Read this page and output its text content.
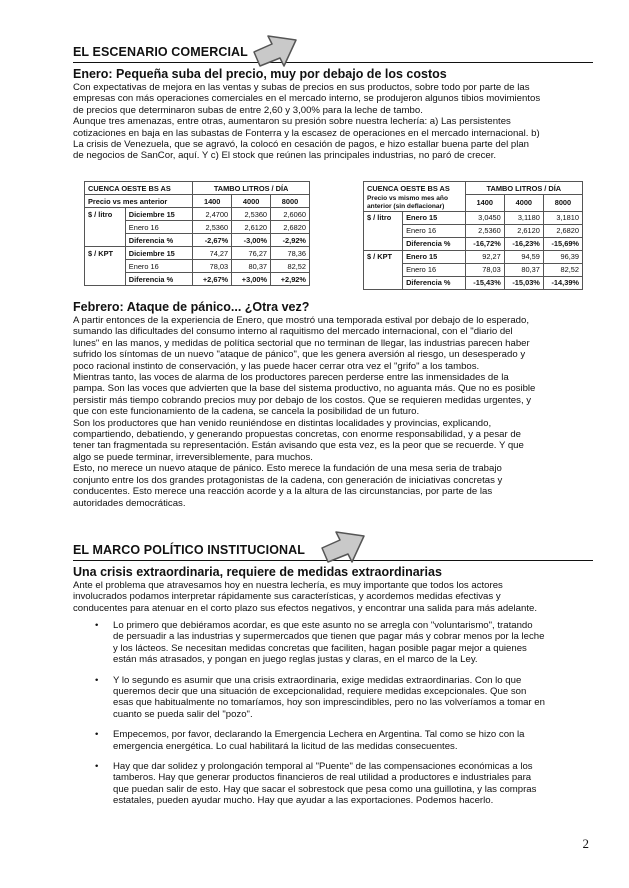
EL ESCENARIO COMERCIAL
Enero: Pequeña suba del precio, muy por debajo de los costos
Con expectativas de mejora en las ventas y subas de precios en sus productos, sobre todo por parte de las
empresas con más operaciones comerciales en el mercado interno, se produjeron algunos tibios movimientos
de precios que determinaron subas de entre 2,60 y 3,00% para la leche de tambo.
Aunque tres amenazas, entre otras, aumentaron su presión sobre nuestra lechería: a) Las persistentes
cotizaciones en baja en las subastas de Fonterra y la escasez de operaciones en el mercado internacional. b)
La crisis de Venezuela, que se agravó, la colocó en cesación de pagos, e hizo estallar buena parte del plan
de negocios de SanCor, aquí. Y c) El stock que reúnen las principales industrias, no paró de crecer.
CUENCA OESTE BS AS		TAMBO LITROS / DÍA		
Precio vs mes anterior		1400	4000	8000
$ / litro	Diciembre 15	2,4700	2,5360	2,6060
	Enero 16	2,5360	2,6120	2,6820
	Diferencia %	-2,67%	-3,00%	-2,92%
$ / KPT	Diciembre 15	74,27	76,27	78,36
	Enero 16	78,03	80,37	82,52
	Diferencia %	+2,67%	+3,00%	+2,92%
CUENCA OESTE BS AS		TAMBO LITROS / DÍA		

Precio vs mismo mes año
anterior (sin deflacionar)		1400	4000	8000
$ / litro	Enero 15	3,0450	3,1180	3,1810
	Enero 16	2,5360	2,6120	2,6820
	Diferencia %	-16,72%	-16,23%	-15,69%
$ / KPT	Enero 15	92,27	94,59	96,39
	Enero 16	78,03	80,37	82,52
	Diferencia %	-15,43%	-15,03%	-14,39%
Febrero: Ataque de pánico... ¿Otra vez?
A partir entonces de la experiencia de Enero, que mostró una temporada estival por debajo de lo esperado,
sumando las dificultades del consumo interno al raquitismo del mercado internacional, con el "diario del
lunes" en las manos, y medidas de política sectorial que no terminan de llegar, las industrias parecen haber
sufrido los síntomas de un nuevo "ataque de pánico", que les genera aversión al riesgo, un desesperado y
poco racional instinto de conservación, y las puede hacer cerrar otra vez el "grifo" a los tambos.
Mientras tanto, las voces de alarma de los productores parecen perderse entre las inmensidades de la
pampa. Son las voces que advierten que la base del sistema productivo, no aguanta más. Que no es posible
persistir más tiempo cobrando precios muy por debajo de los costos. Que se requieren medidas urgentes, y
que con este funcionamiento de la cadena, se cancela la posibilidad de un futuro.
Son los productores que han venido reuniéndose en distintas localidades y provincias, explicando,
compartiendo, debatiendo, y generando propuestas concretas, con enorme responsabilidad, y a pesar de
tener tan fragmentada su representación. Están avisando que esta vez, es la peor que se recuerde. Y que
algo se puede terminar, irreversiblemente, para muchos.
Esto, no merece un nuevo ataque de pánico. Esto merece la fundación de una mesa seria de trabajo
conjunto entre los dos grandes protagonistas de la cadena, con generación de iniciativas concretas y
conducentes. Esto merece una reacción acorde y a la altura de las circunstancias, por parte de las
autoridades democráticas.
EL MARCO POLÍTICO INSTITUCIONAL
Una crisis extraordinaria, requiere de medidas extraordinarias
Ante el problema que atravesamos hoy en nuestra lechería, es muy importante que todos los actores
involucrados podamos interpretar rápidamente sus características, y acordemos medidas efectivas y
conducentes para atenuar en el corto plazo sus efectos negativos, y encontrar una salida para más adelante.
• Lo primero que debiéramos acordar, es que este asunto no se arregla con "voluntarismo", tratando
de persuadir a las industrias y supermercados que tienen que pagar más y cobrar menos por la leche
y los lácteos. Se necesitan medidas concretas que faciliten, hagan posible pagar mejor a quienes
están más atrasados, y pongan en juego reglas justas y claras, en el marco de la Ley.
• Y lo segundo es asumir que una crisis extraordinaria, exige medidas extraordinarias. Con lo que
queremos decir que una situación de excepcionalidad, requiere medidas excepcionales. Que son
esas que habitualmente no tomaríamos, hoy son imprescindibles, pero no las volveríamos a tomar en
cuanto se pueda salir del "pozo".
• Empecemos, por favor, declarando la Emergencia Lechera en Argentina. Tal como se hizo con la
emergencia energética. Lo cual habilitará la licitud de las medidas consecuentes.
• Hay que dar solidez y prolongación temporal al "Puente" de las compensaciones económicas a los
tamberos. Hay que generar productos financieros de real utilidad a productores e industriales para
que puedan salir de esto. Hay que sacar el sobrestock que pesa como una guillotina, y las compras
estatales, pueden ayudar mucho. Hay que ayudar a las exportaciones. Podemos hacerlo.
2
